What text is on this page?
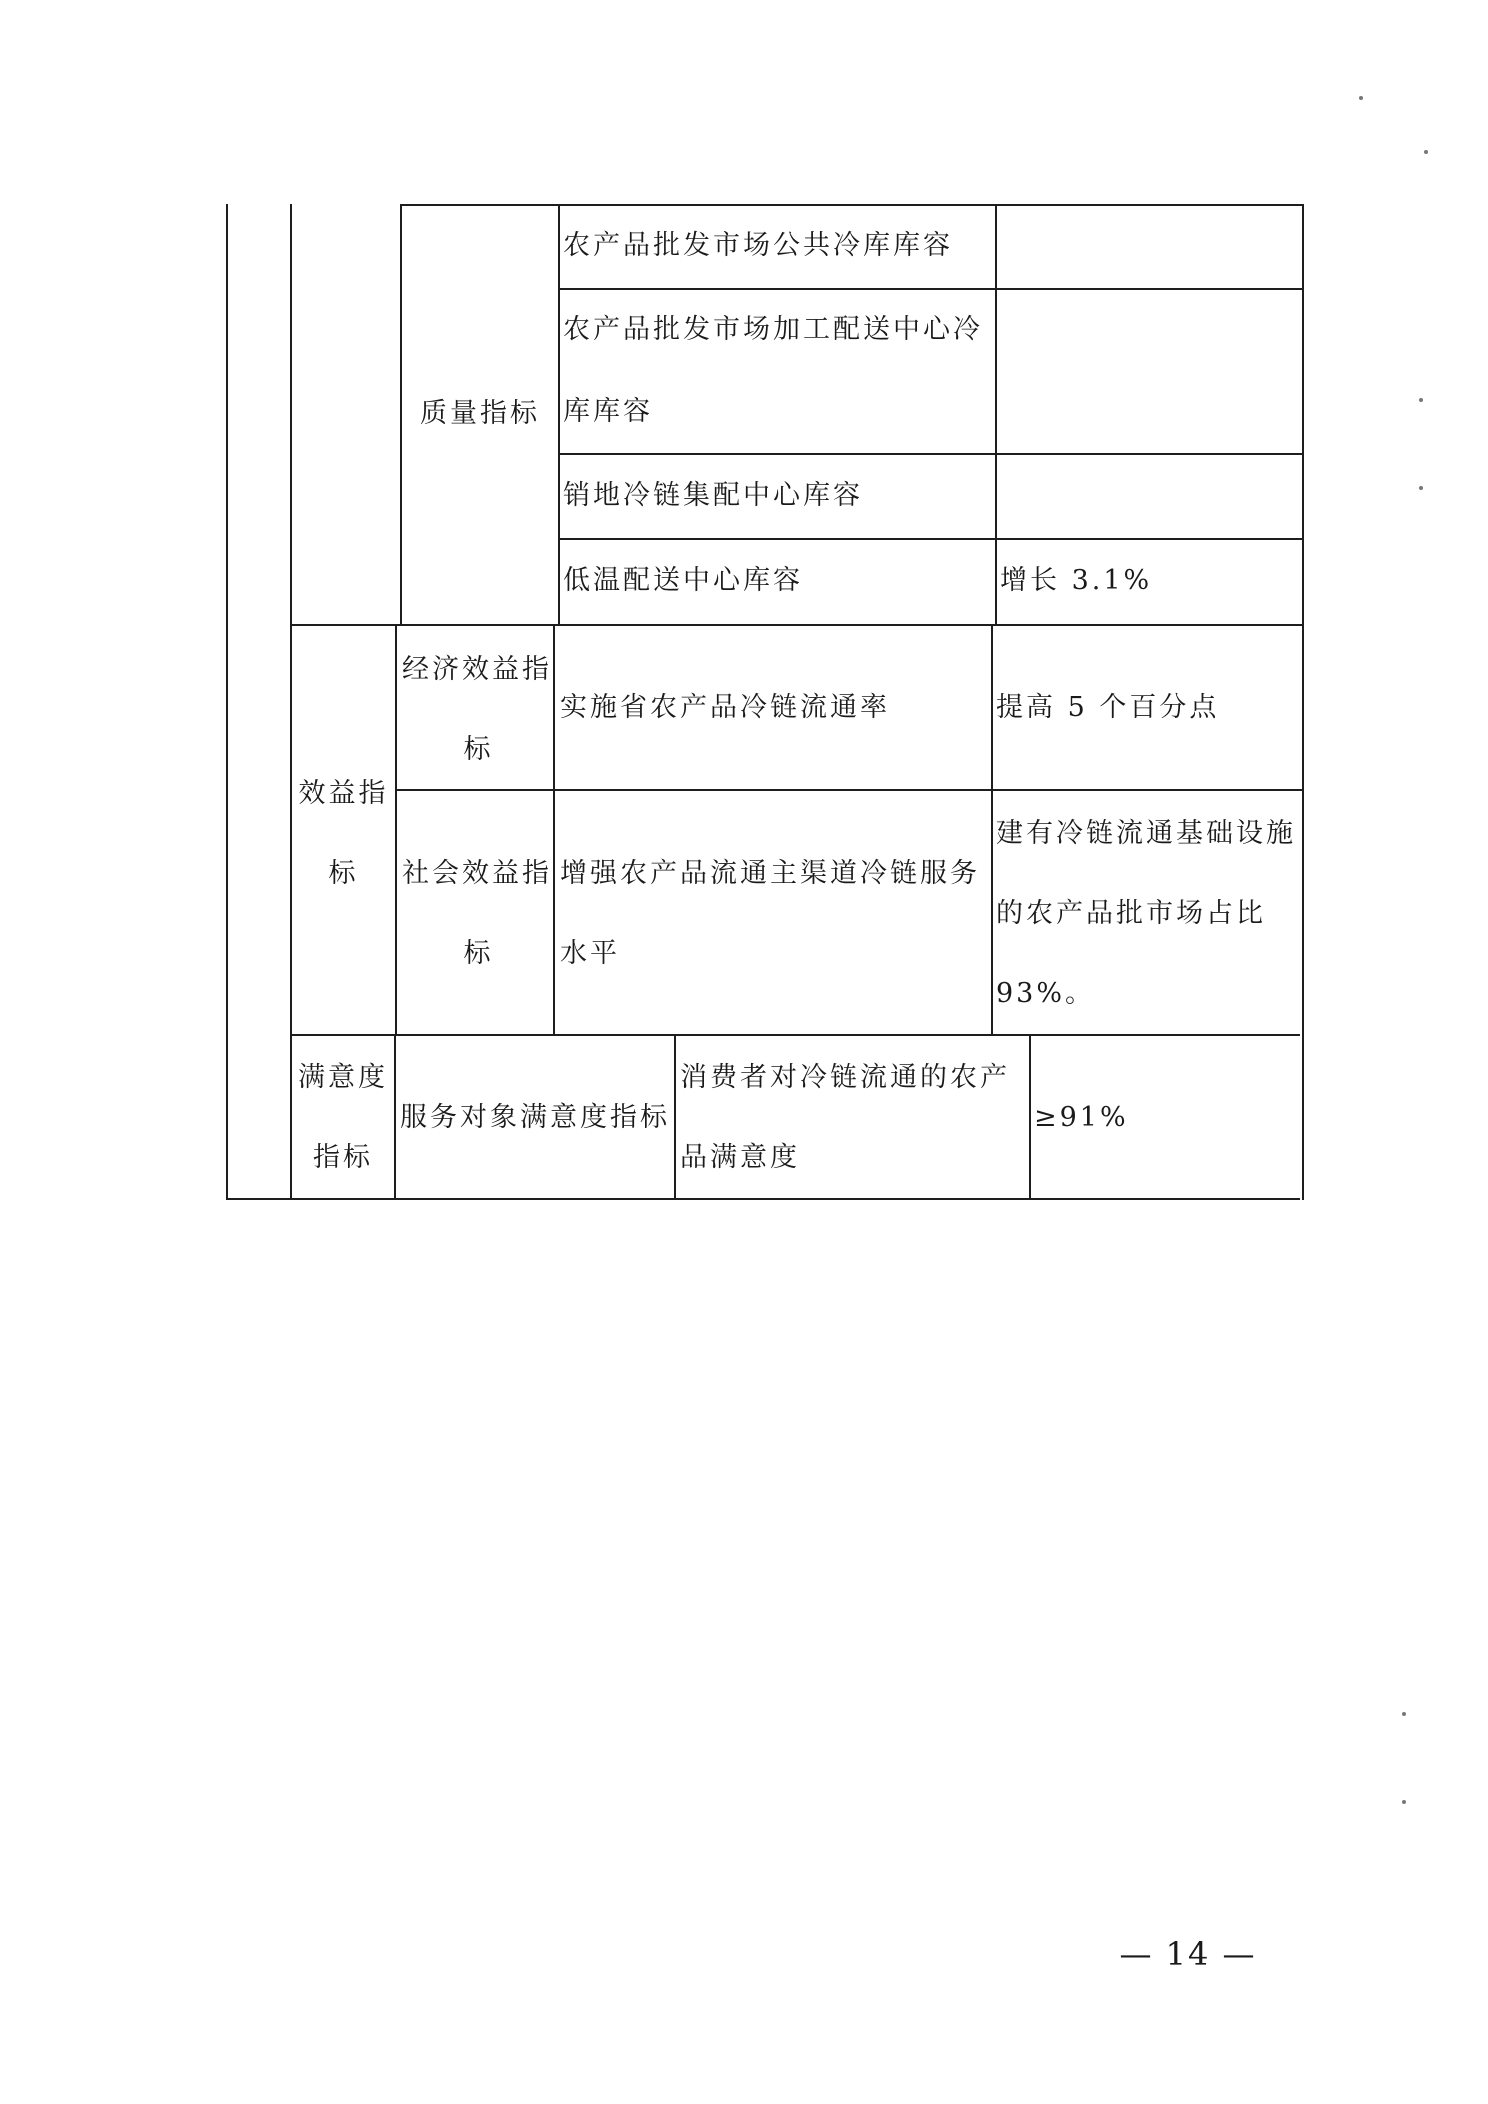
质量指标
农产品批发市场公共冷库库容
农产品批发市场加工配送中心冷
库库容
销地冷链集配中心库容
低温配送中心库容	增长 3.1%
效益指
标
经济效益指
标
实施省农产品冷链流通率	提高 5 个百分点
社会效益指
标
增强农产品流通主渠道冷链服务
水平
建有冷链流通基础设施
的农产品批市场占比
93%。
满意度
指标
服务对象满意度指标
消费者对冷链流通的农产
品满意度
≥91%
— 14 —
